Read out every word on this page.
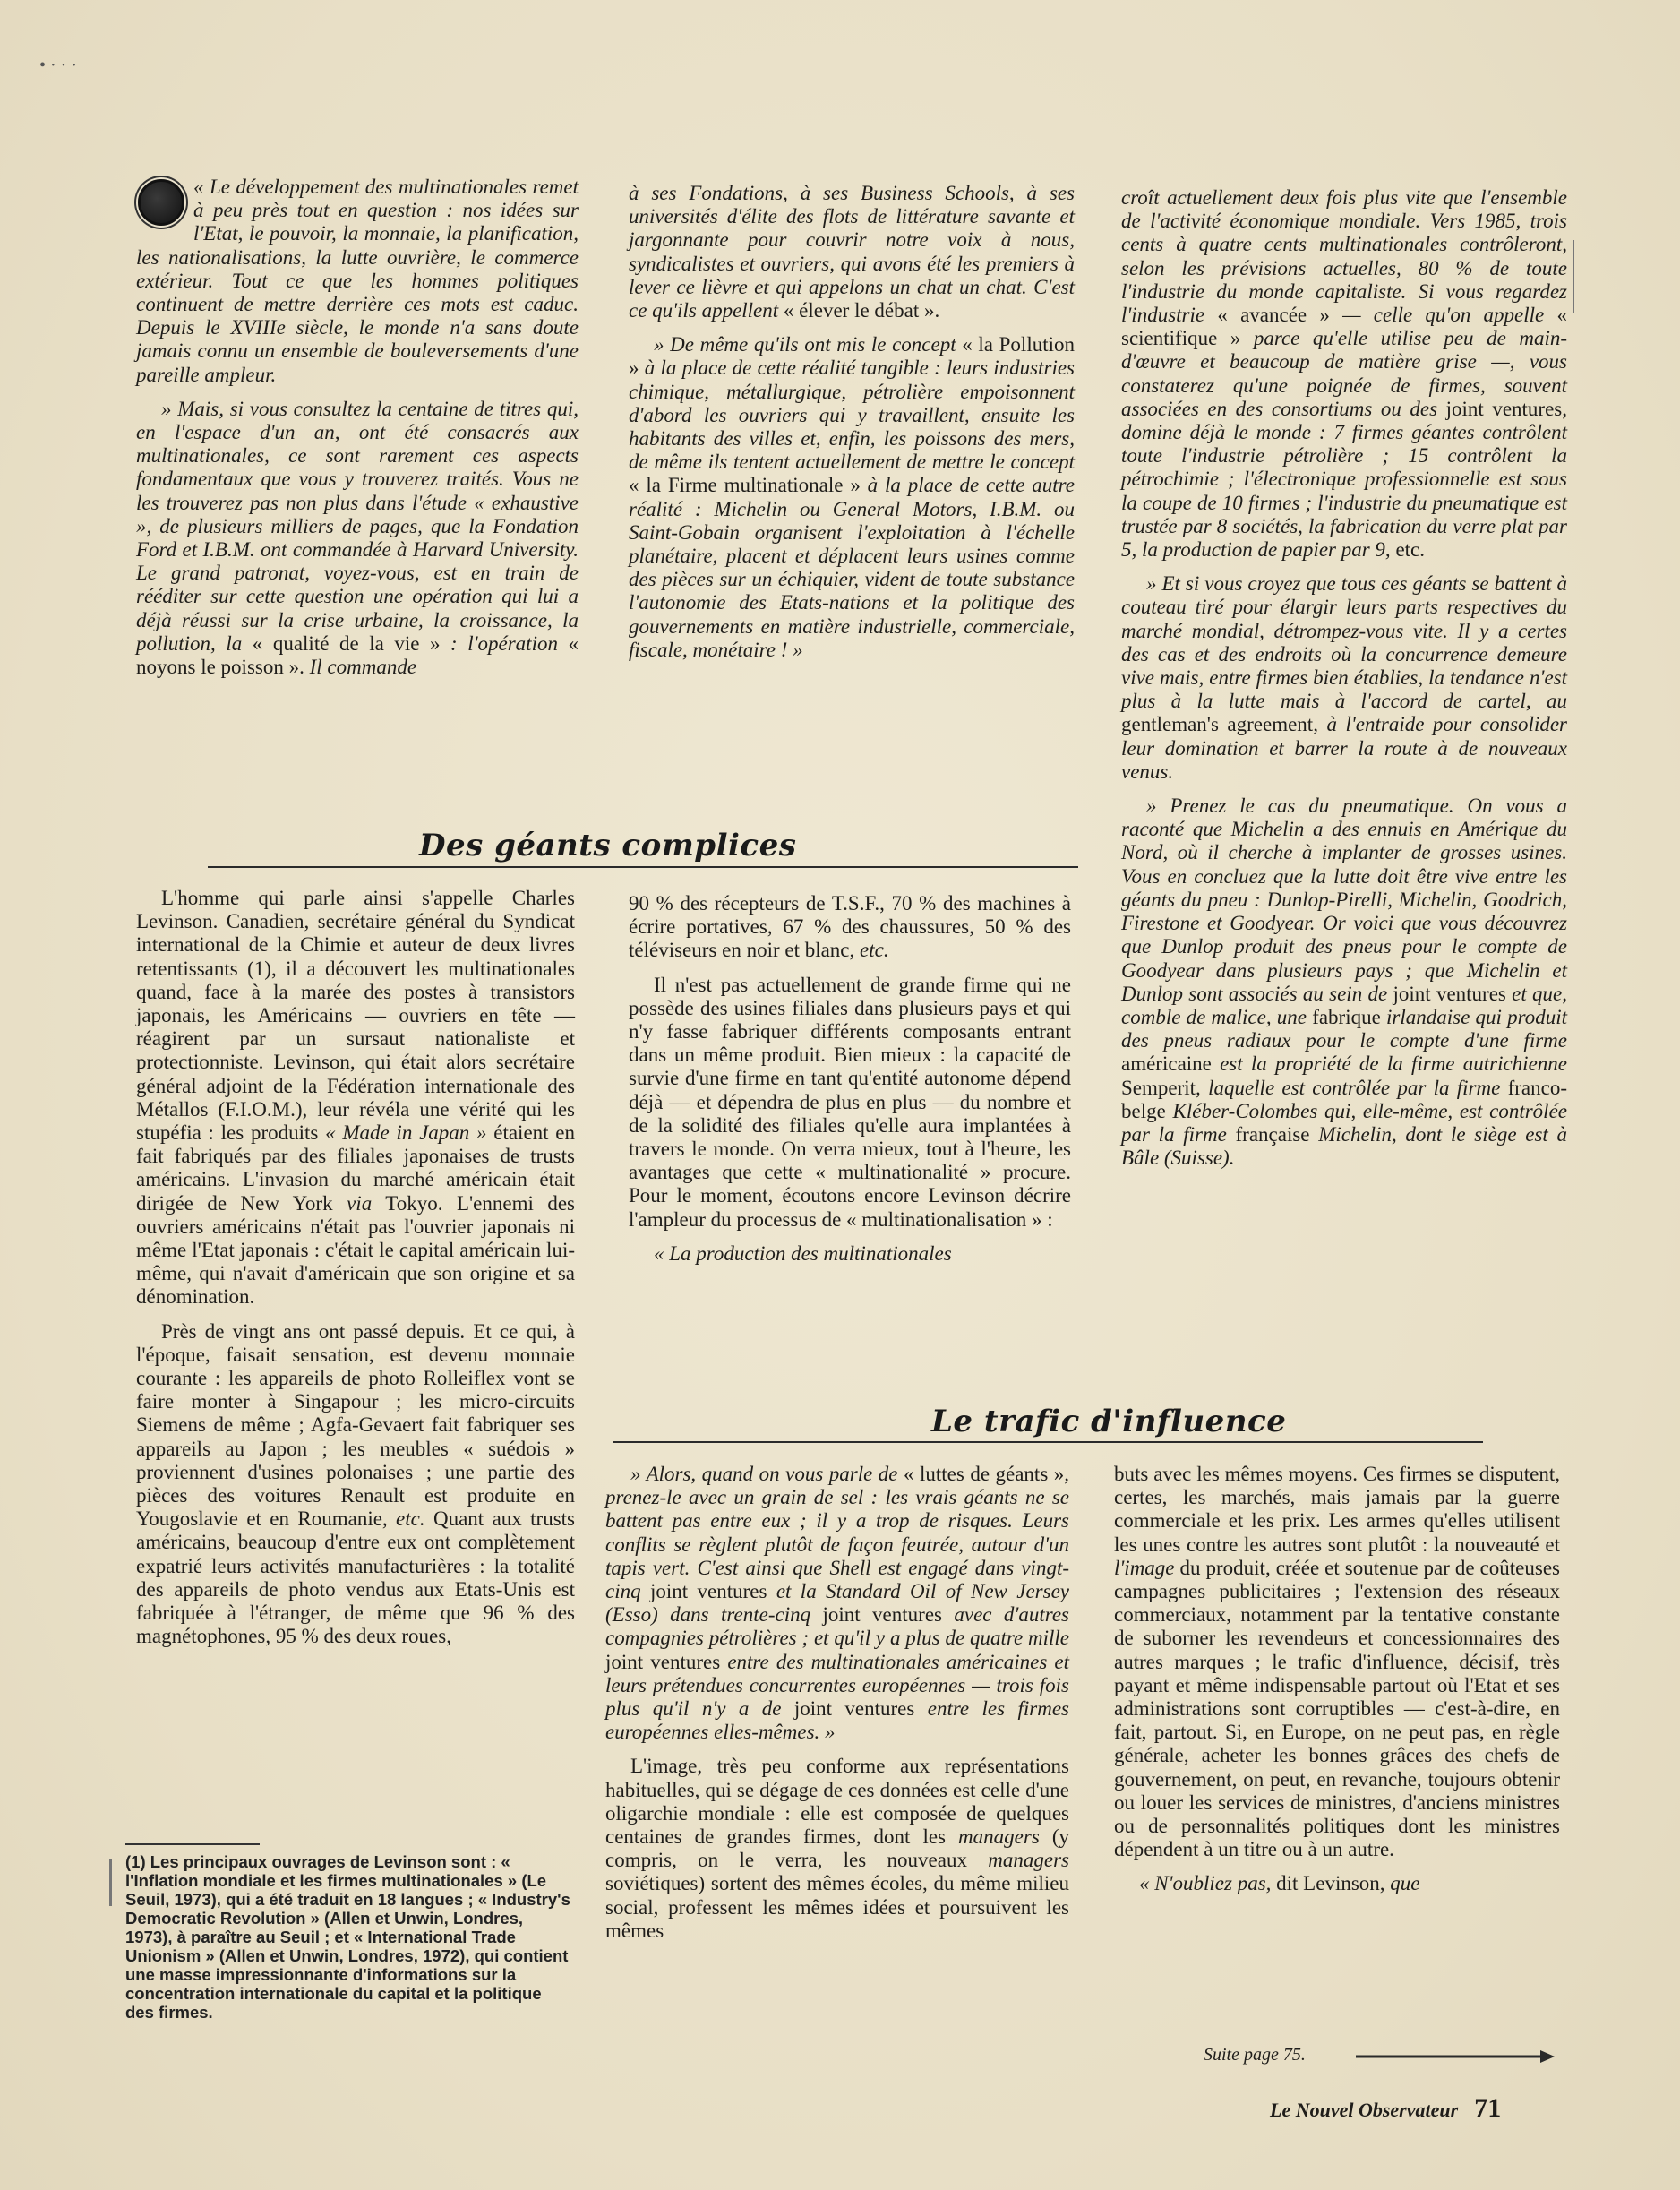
• · · ·

« Le développement des multinationales remet à peu près tout en question : nos idées sur l'Etat, le pouvoir, la monnaie, la planification, les nationalisations, la lutte ouvrière, le commerce extérieur. Tout ce que les hommes politiques continuent de mettre derrière ces mots est caduc. Depuis le XVIIIe siècle, le monde n'a sans doute jamais connu un ensemble de bouleversements d'une pareille ampleur.

» Mais, si vous consultez la centaine de titres qui, en l'espace d'un an, ont été consacrés aux multinationales, ce sont rarement ces aspects fondamentaux que vous y trouverez traités. Vous ne les trouverez pas non plus dans l'étude « exhaustive », de plusieurs milliers de pages, que la Fondation Ford et I.B.M. ont commandée à Harvard University. Le grand patronat, voyez-vous, est en train de rééditer sur cette question une opération qui lui a déjà réussi sur la crise urbaine, la croissance, la pollution, la « qualité de la vie » : l'opération « noyons le poisson ». Il commande

à ses Fondations, à ses Business Schools, à ses universités d'élite des flots de littérature savante et jargonnante pour couvrir notre voix à nous, syndicalistes et ouvriers, qui avons été les premiers à lever ce lièvre et qui appelons un chat un chat. C'est ce qu'ils appellent « élever le débat ».

» De même qu'ils ont mis le concept « la Pollution » à la place de cette réalité tangible : leurs industries chimique, métallurgique, pétrolière empoisonnent d'abord les ouvriers qui y travaillent, ensuite les habitants des villes et, enfin, les poissons des mers, de même ils tentent actuellement de mettre le concept « la Firme multinationale » à la place de cette autre réalité : Michelin ou General Motors, I.B.M. ou Saint-Gobain organisent l'exploitation à l'échelle planétaire, placent et déplacent leurs usines comme des pièces sur un échiquier, vident de toute substance l'autonomie des Etats-nations et la politique des gouvernements en matière industrielle, commerciale, fiscale, monétaire ! »

croît actuellement deux fois plus vite que l'ensemble de l'activité économique mondiale. Vers 1985, trois cents à quatre cents multinationales contrôleront, selon les prévisions actuelles, 80 % de toute l'industrie du monde capitaliste. Si vous regardez l'industrie « avancée » — celle qu'on appelle « scientifique » parce qu'elle utilise peu de main-d'œuvre et beaucoup de matière grise —, vous constaterez qu'une poignée de firmes, souvent associées en des consortiums ou des joint ventures, domine déjà le monde : 7 firmes géantes contrôlent toute l'industrie pétrolière ; 15 contrôlent la pétrochimie ; l'électronique professionnelle est sous la coupe de 10 firmes ; l'industrie du pneumatique est trustée par 8 sociétés, la fabrication du verre plat par 5, la production de papier par 9, etc.

» Et si vous croyez que tous ces géants se battent à couteau tiré pour élargir leurs parts respectives du marché mondial, détrompez-vous vite. Il y a certes des cas et des endroits où la concurrence demeure vive mais, entre firmes bien établies, la tendance n'est plus à la lutte mais à l'accord de cartel, au gentleman's agreement, à l'entraide pour consolider leur domination et barrer la route à de nouveaux venus.

» Prenez le cas du pneumatique. On vous a raconté que Michelin a des ennuis en Amérique du Nord, où il cherche à implanter de grosses usines. Vous en concluez que la lutte doit être vive entre les géants du pneu : Dunlop-Pirelli, Michelin, Goodrich, Firestone et Goodyear. Or voici que vous découvrez que Dunlop produit des pneus pour le compte de Goodyear dans plusieurs pays ; que Michelin et Dunlop sont associés au sein de joint ventures et que, comble de malice, une fabrique irlandaise qui produit des pneus radiaux pour le compte d'une firme américaine est la propriété de la firme autrichienne Semperit, laquelle est contrôlée par la firme franco-belge Kléber-Colombes qui, elle-même, est contrôlée par la firme française Michelin, dont le siège est à Bâle (Suisse).

Des géants complices

L'homme qui parle ainsi s'appelle Charles Levinson. Canadien, secrétaire général du Syndicat international de la Chimie et auteur de deux livres retentissants (1), il a découvert les multinationales quand, face à la marée des postes à transistors japonais, les Américains — ouvriers en tête — réagirent par un sursaut nationaliste et protectionniste. Levinson, qui était alors secrétaire général adjoint de la Fédération internationale des Métallos (F.I.O.M.), leur révéla une vérité qui les stupéfia : les produits « Made in Japan » étaient en fait fabriqués par des filiales japonaises de trusts américains. L'invasion du marché américain était dirigée de New York via Tokyo. L'ennemi des ouvriers américains n'était pas l'ouvrier japonais ni même l'Etat japonais : c'était le capital américain lui-même, qui n'avait d'américain que son origine et sa dénomination.

Près de vingt ans ont passé depuis. Et ce qui, à l'époque, faisait sensation, est devenu monnaie courante : les appareils de photo Rolleiflex vont se faire monter à Singapour ; les micro-circuits Siemens de même ; Agfa-Gevaert fait fabriquer ses appareils au Japon ; les meubles « suédois » proviennent d'usines polonaises ; une partie des pièces des voitures Renault est produite en Yougoslavie et en Roumanie, etc. Quant aux trusts américains, beaucoup d'entre eux ont complètement expatrié leurs activités manufacturières : la totalité des appareils de photo vendus aux Etats-Unis est fabriquée à l'étranger, de même que 96 % des magnétophones, 95 % des deux roues,

90 % des récepteurs de T.S.F., 70 % des machines à écrire portatives, 67 % des chaussures, 50 % des téléviseurs en noir et blanc, etc.

Il n'est pas actuellement de grande firme qui ne possède des usines filiales dans plusieurs pays et qui n'y fasse fabriquer différents composants entrant dans un même produit. Bien mieux : la capacité de survie d'une firme en tant qu'entité autonome dépend déjà — et dépendra de plus en plus — du nombre et de la solidité des filiales qu'elle aura implantées à travers le monde. On verra mieux, tout à l'heure, les avantages que cette « multinationalité » procure. Pour le moment, écoutons encore Levinson décrire l'ampleur du processus de « multinationalisation » :

« La production des multinationales

Le trafic d'influence
(1) Les principaux ouvrages de Levinson sont : « l'Inflation mondiale et les firmes multinationales » (Le Seuil, 1973), qui a été traduit en 18 langues ; « Industry's Democratic Revolution » (Allen et Unwin, Londres, 1973), à paraître au Seuil ; et « International Trade Unionism » (Allen et Unwin, Londres, 1972), qui contient une masse impressionnante d'informations sur la concentration internationale du capital et la politique des firmes.

» Alors, quand on vous parle de « luttes de géants », prenez-le avec un grain de sel : les vrais géants ne se battent pas entre eux ; il y a trop de risques. Leurs conflits se règlent plutôt de façon feutrée, autour d'un tapis vert. C'est ainsi que Shell est engagé dans vingt-cinq joint ventures et la Standard Oil of New Jersey (Esso) dans trente-cinq joint ventures avec d'autres compagnies pétrolières ; et qu'il y a plus de quatre mille joint ventures entre des multinationales américaines et leurs prétendues concurrentes européennes — trois fois plus qu'il n'y a de joint ventures entre les firmes européennes elles-mêmes. »

L'image, très peu conforme aux représentations habituelles, qui se dégage de ces données est celle d'une oligarchie mondiale : elle est composée de quelques centaines de grandes firmes, dont les managers (y compris, on le verra, les nouveaux managers soviétiques) sortent des mêmes écoles, du même milieu social, professent les mêmes idées et poursuivent les mêmes

buts avec les mêmes moyens. Ces firmes se disputent, certes, les marchés, mais jamais par la guerre commerciale et les prix. Les armes qu'elles utilisent les unes contre les autres sont plutôt : la nouveauté et l'image du produit, créée et soutenue par de coûteuses campagnes publicitaires ; l'extension des réseaux commerciaux, notamment par la tentative constante de suborner les revendeurs et concessionnaires des autres marques ; le trafic d'influence, décisif, très payant et même indispensable partout où l'Etat et ses administrations sont corruptibles — c'est-à-dire, en fait, partout. Si, en Europe, on ne peut pas, en règle générale, acheter les bonnes grâces des chefs de gouvernement, on peut, en revanche, toujours obtenir ou louer les services de ministres, d'anciens ministres ou de personnalités politiques dont les ministres dépendent à un titre ou à un autre.

« N'oubliez pas, dit Levinson, que

Suite page 75.
Le Nouvel Observateur 71
